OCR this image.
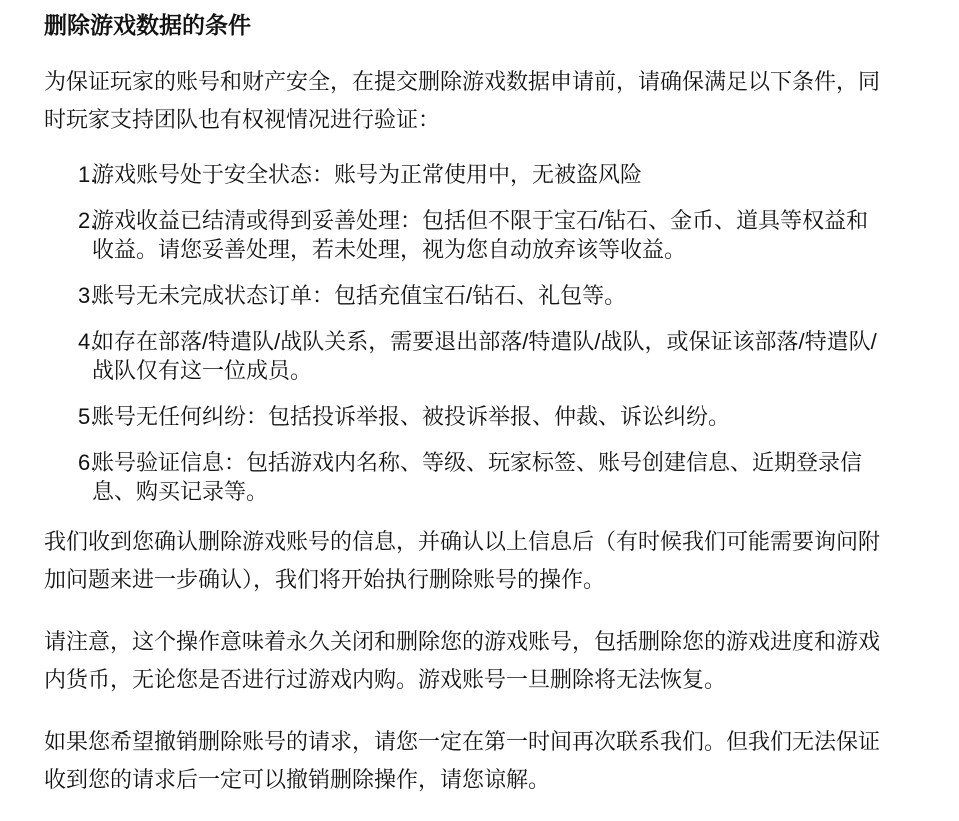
删除游戏数据的条件

为保证玩家的账号和财产安全，在提交删除游戏数据申请前，请确保满足以下条件，同
时玩家支持团队也有权视情况进行验证：

1.
游戏账号处于安全状态：账号为正常使用中，无被盗风险
2.
游戏收益已结清或得到妥善处理：包括但不限于宝石/钻石、金币、道具等权益和
收益。请您妥善处理，若未处理，视为您自动放弃该等收益。
3.
账号无未完成状态订单：包括充值宝石/钻石、礼包等。
4.
如存在部落/特遣队/战队关系，需要退出部落/特遣队/战队，或保证该部落/特遣队/
战队仅有这一位成员。
5.
账号无任何纠纷：包括投诉举报、被投诉举报、仲裁、诉讼纠纷。
6.
账号验证信息：包括游戏内名称、等级、玩家标签、账号创建信息、近期登录信
息、购买记录等。

我们收到您确认删除游戏账号的信息，并确认以上信息后（有时候我们可能需要询问附
加问题来进一步确认），我们将开始执行删除账号的操作。

请注意，这个操作意味着永久关闭和删除您的游戏账号，包括删除您的游戏进度和游戏
内货币，无论您是否进行过游戏内购。游戏账号一旦删除将无法恢复。

如果您希望撤销删除账号的请求，请您一定在第一时间再次联系我们。但我们无法保证
收到您的请求后一定可以撤销删除操作，请您谅解。
